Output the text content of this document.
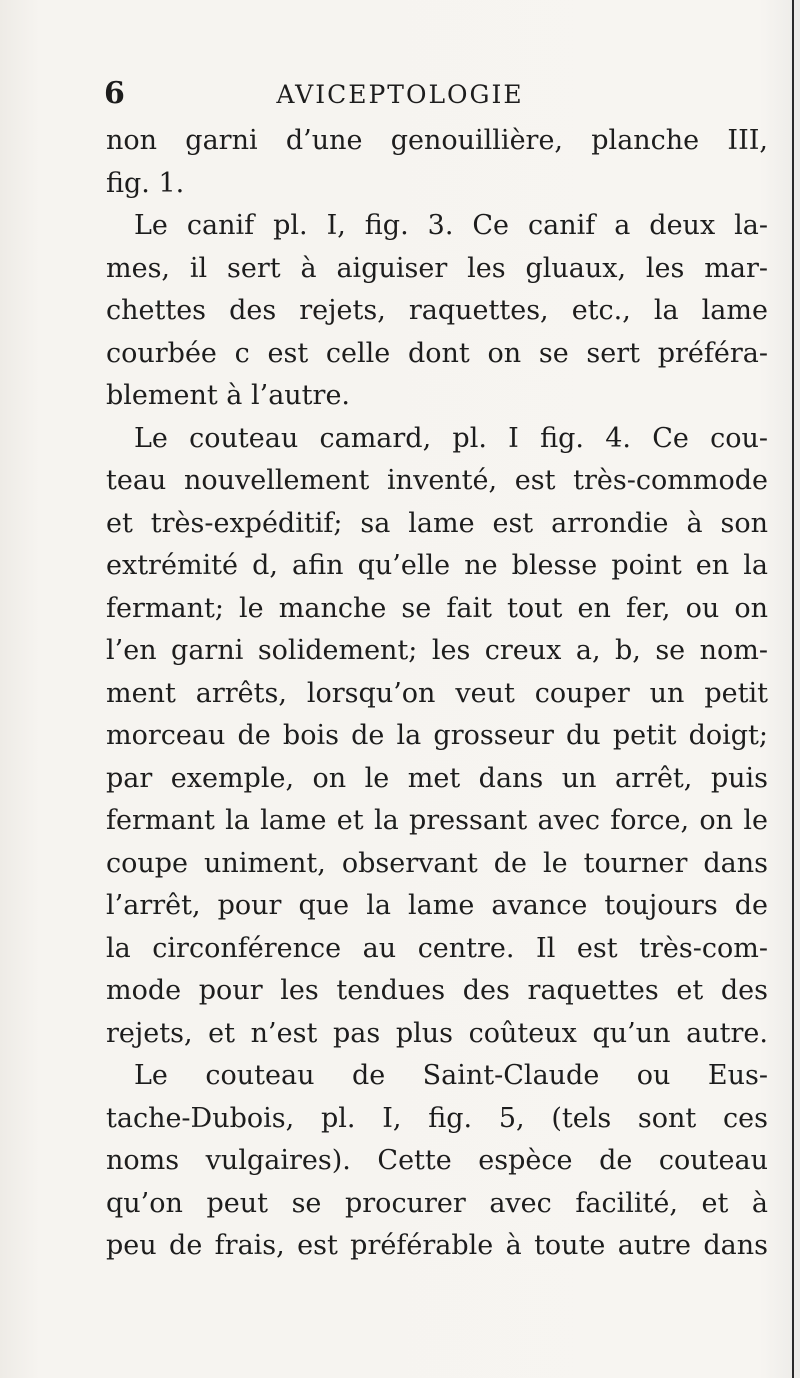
6	AVICEPTOLOGIE
non garni d’une genouillière, planche III,
fig. 1.
Le canif pl. I, fig. 3. Ce canif a deux la-
mes, il sert à aiguiser les gluaux, les mar-
chettes des rejets, raquettes, etc., la lame
courbée c est celle dont on se sert préféra-
blement à l’autre.
Le couteau camard, pl. I fig. 4. Ce cou-
teau nouvellement inventé, est très-commode
et très-expéditif; sa lame est arrondie à son
extrémité d, afin qu’elle ne blesse point en la
fermant; le manche se fait tout en fer, ou on
l’en garni solidement; les creux a, b, se nom-
ment arrêts, lorsqu’on veut couper un petit
morceau de bois de la grosseur du petit doigt;
par exemple, on le met dans un arrêt, puis
fermant la lame et la pressant avec force, on le
coupe uniment, observant de le tourner dans
l’arrêt, pour que la lame avance toujours de
la circonférence au centre. Il est très-com-
mode pour les tendues des raquettes et des
rejets, et n’est pas plus coûteux qu’un autre.
Le couteau de Saint-Claude ou Eus-
tache-Dubois, pl. I, fig. 5, (tels sont ces
noms vulgaires). Cette espèce de couteau
qu’on peut se procurer avec facilité, et à
peu de frais, est préférable à toute autre dans
